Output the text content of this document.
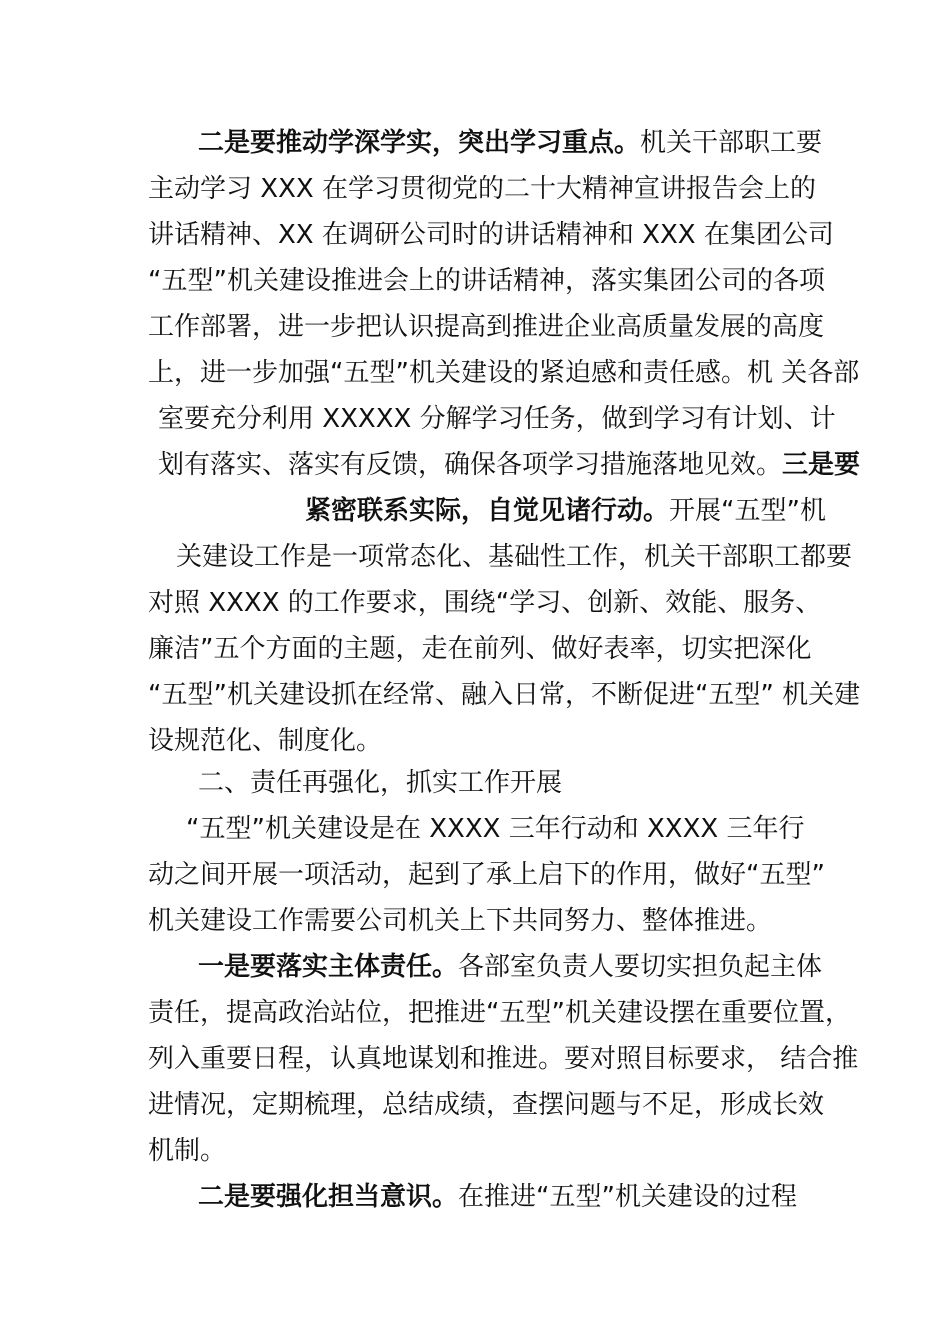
二是要推动学深学实，突出学习重点。机关干部职工要
主动学习 XXX 在学习贯彻党的二十大精神宣讲报告会上的
讲话精神、XX 在调研公司时的讲话精神和 XXX 在集团公司
“五型”机关建设推进会上的讲话精神，落实集团公司的各项
工作部署，进一步把认识提高到推进企业高质量发展的高度
上，进一步加强“五型”机关建设的紧迫感和责任感。机 关各部
室要充分利用 XXXXX 分解学习任务，做到学习有计划、计
划有落实、落实有反馈，确保各项学习措施落地见效。三是要
紧密联系实际，自觉见诸行动。开展“五型”机
关建设工作是一项常态化、基础性工作，机关干部职工都要
对照 XXXX 的工作要求，围绕“学习、创新、效能、服务、
廉洁”五个方面的主题，走在前列、做好表率，切实把深化
“五型”机关建设抓在经常、融入日常，不断促进“五型” 机关建
设规范化、制度化。
二、责任再强化，抓实工作开展
“五型”机关建设是在 XXXX 三年行动和 XXXX 三年行
动之间开展一项活动，起到了承上启下的作用，做好“五型”
机关建设工作需要公司机关上下共同努力、整体推进。
一是要落实主体责任。各部室负责人要切实担负起主体
责任，提高政治站位，把推进“五型”机关建设摆在重要位置，
列入重要日程，认真地谋划和推进。要对照目标要求， 结合推
进情况，定期梳理，总结成绩，查摆问题与不足，形成长效
机制。
二是要强化担当意识。在推进“五型”机关建设的过程
